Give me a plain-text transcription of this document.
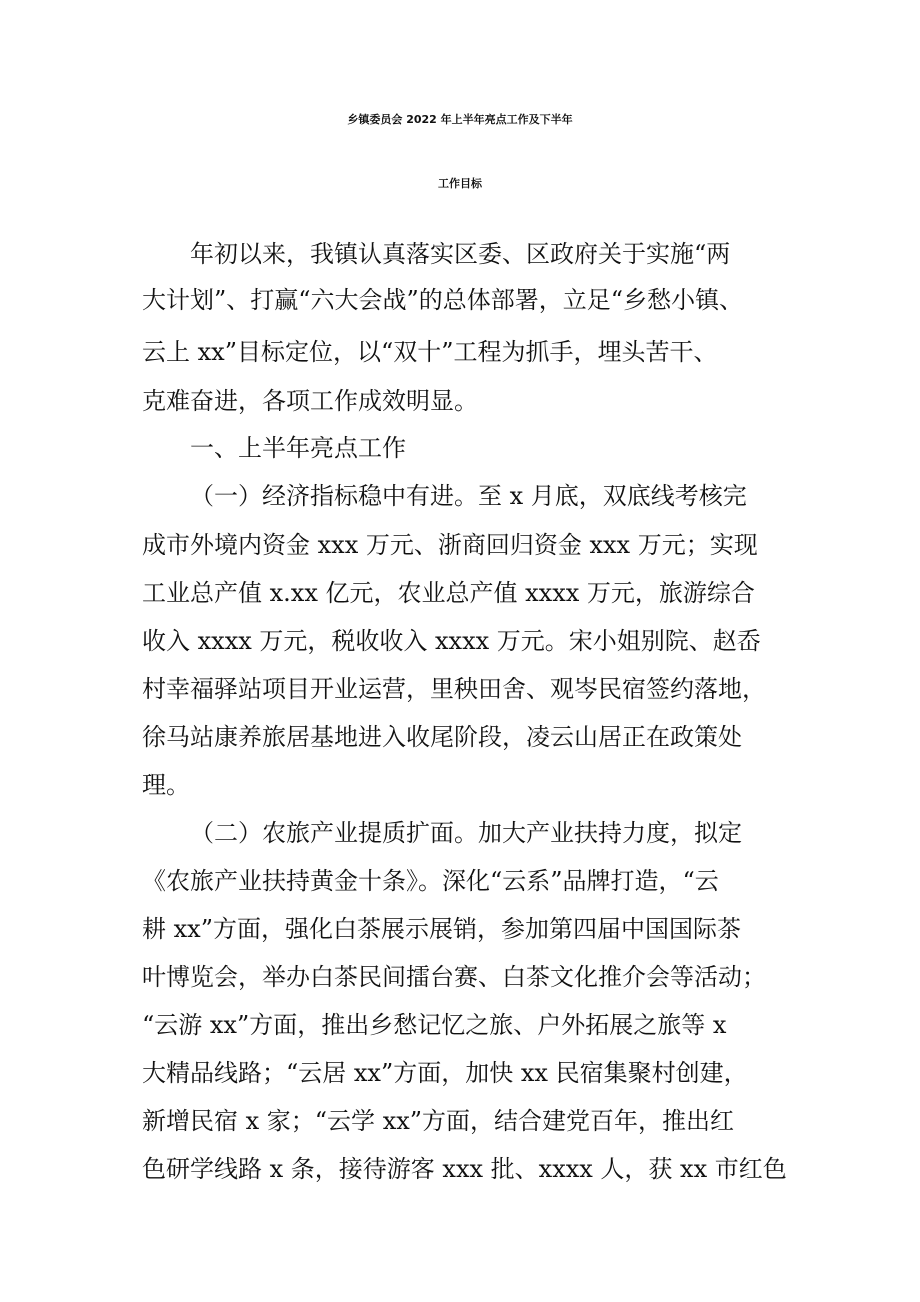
乡镇委员会 2022 年上半年亮点工作及下半年
工作目标
年初以来，我镇认真落实区委、区政府关于实施“两
大计划”、打赢“六大会战”的总体部署，立足“乡愁小镇、
云上 xx”目标定位，以“双十”工程为抓手，埋头苦干、
克难奋进，各项工作成效明显。
一、上半年亮点工作
（一）经济指标稳中有进。至 x 月底，双底线考核完
成市外境内资金 xxx 万元、浙商回归资金 xxx 万元；实现
工业总产值 x.xx 亿元，农业总产值 xxxx 万元，旅游综合
收入 xxxx 万元，税收收入 xxxx 万元。宋小姐别院、赵岙
村幸福驿站项目开业运营，里秧田舍、观岑民宿签约落地，
徐马站康养旅居基地进入收尾阶段，凌云山居正在政策处
理。
（二）农旅产业提质扩面。加大产业扶持力度，拟定
《农旅产业扶持黄金十条》。深化“云系”品牌打造，“云
耕 xx”方面，强化白茶展示展销，参加第四届中国国际茶
叶博览会，举办白茶民间擂台赛、白茶文化推介会等活动；
“云游 xx”方面，推出乡愁记忆之旅、户外拓展之旅等 x
大精品线路；“云居 xx”方面，加快 xx 民宿集聚村创建，
新增民宿 x 家；“云学 xx”方面，结合建党百年，推出红
色研学线路 x 条，接待游客 xxx 批、xxxx 人，获 xx 市红色
